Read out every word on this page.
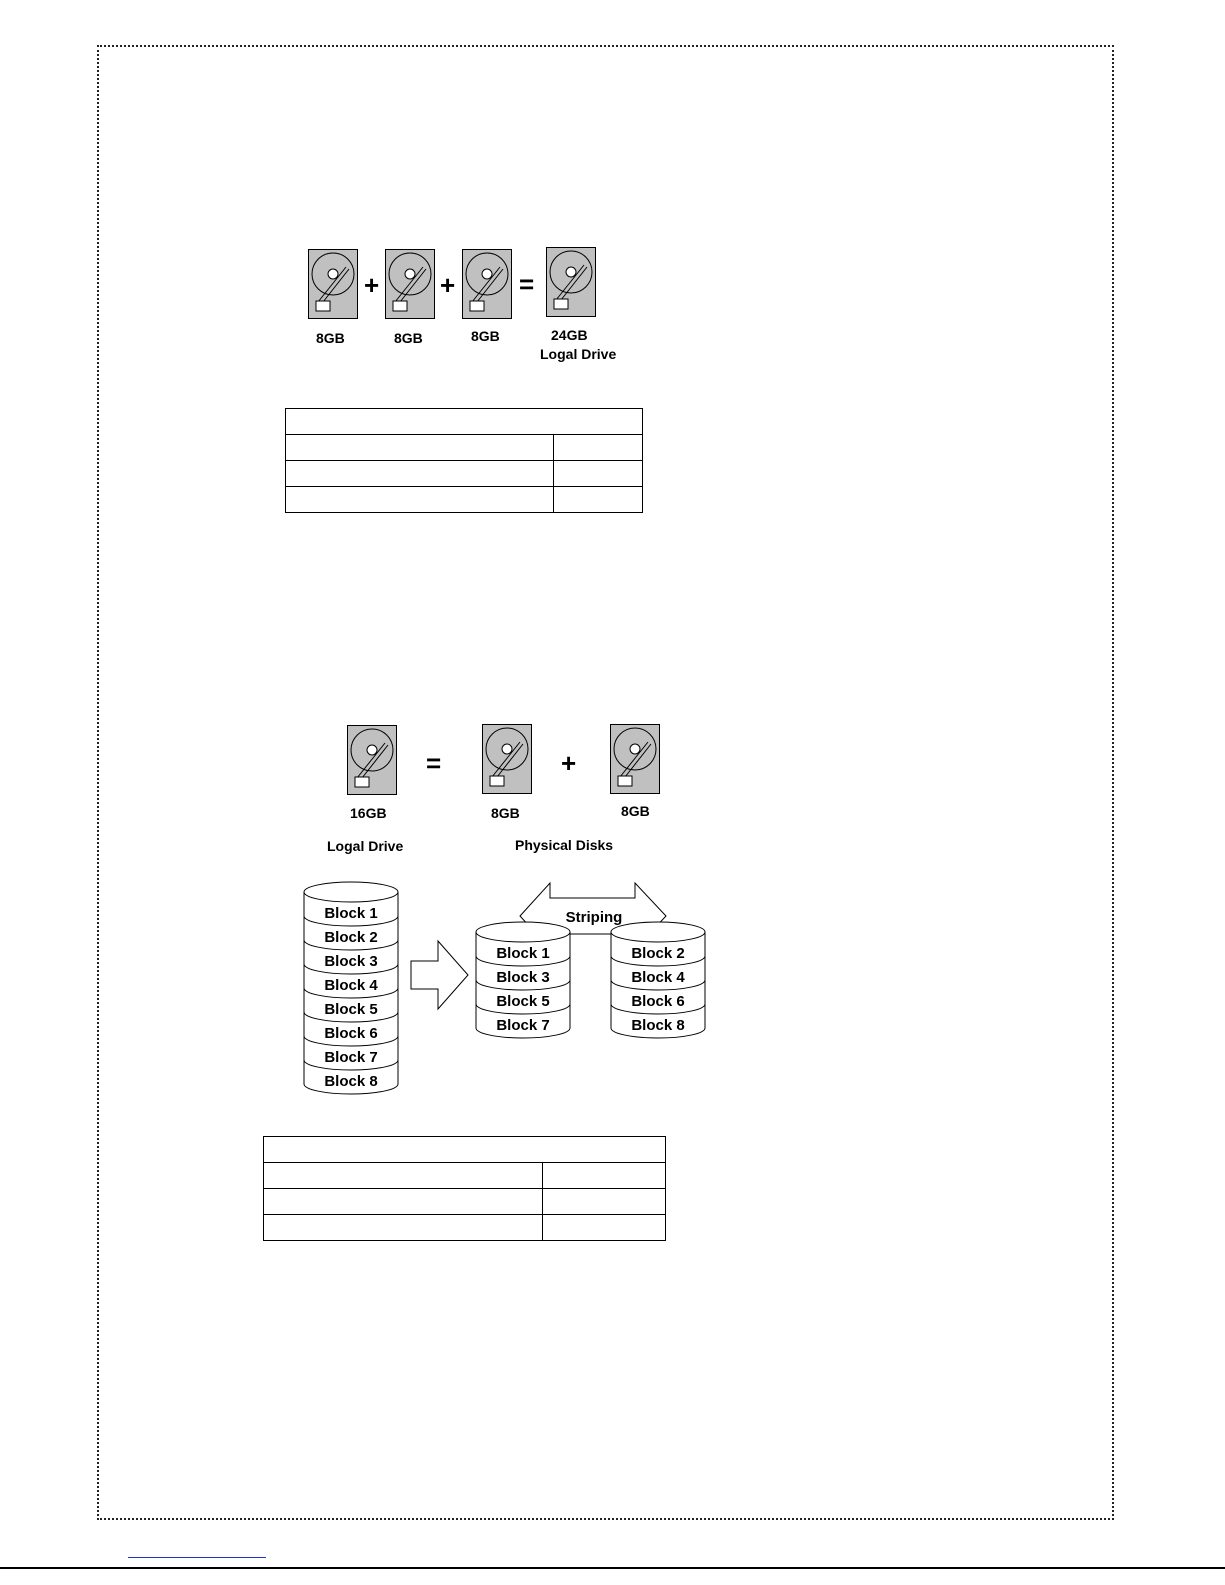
+ + =
8GB	8GB	8GB	24GB
Logal Drive

=	+
16GB	8GB	8GB
Logal Drive	Physical Disks
Striping
Block 1
Block 2
Block 3
Block 4
Block 5
Block 6
Block 7
Block 8
Block 1
Block 3
Block 5
Block 7
Block 2
Block 4
Block 6
Block 8
